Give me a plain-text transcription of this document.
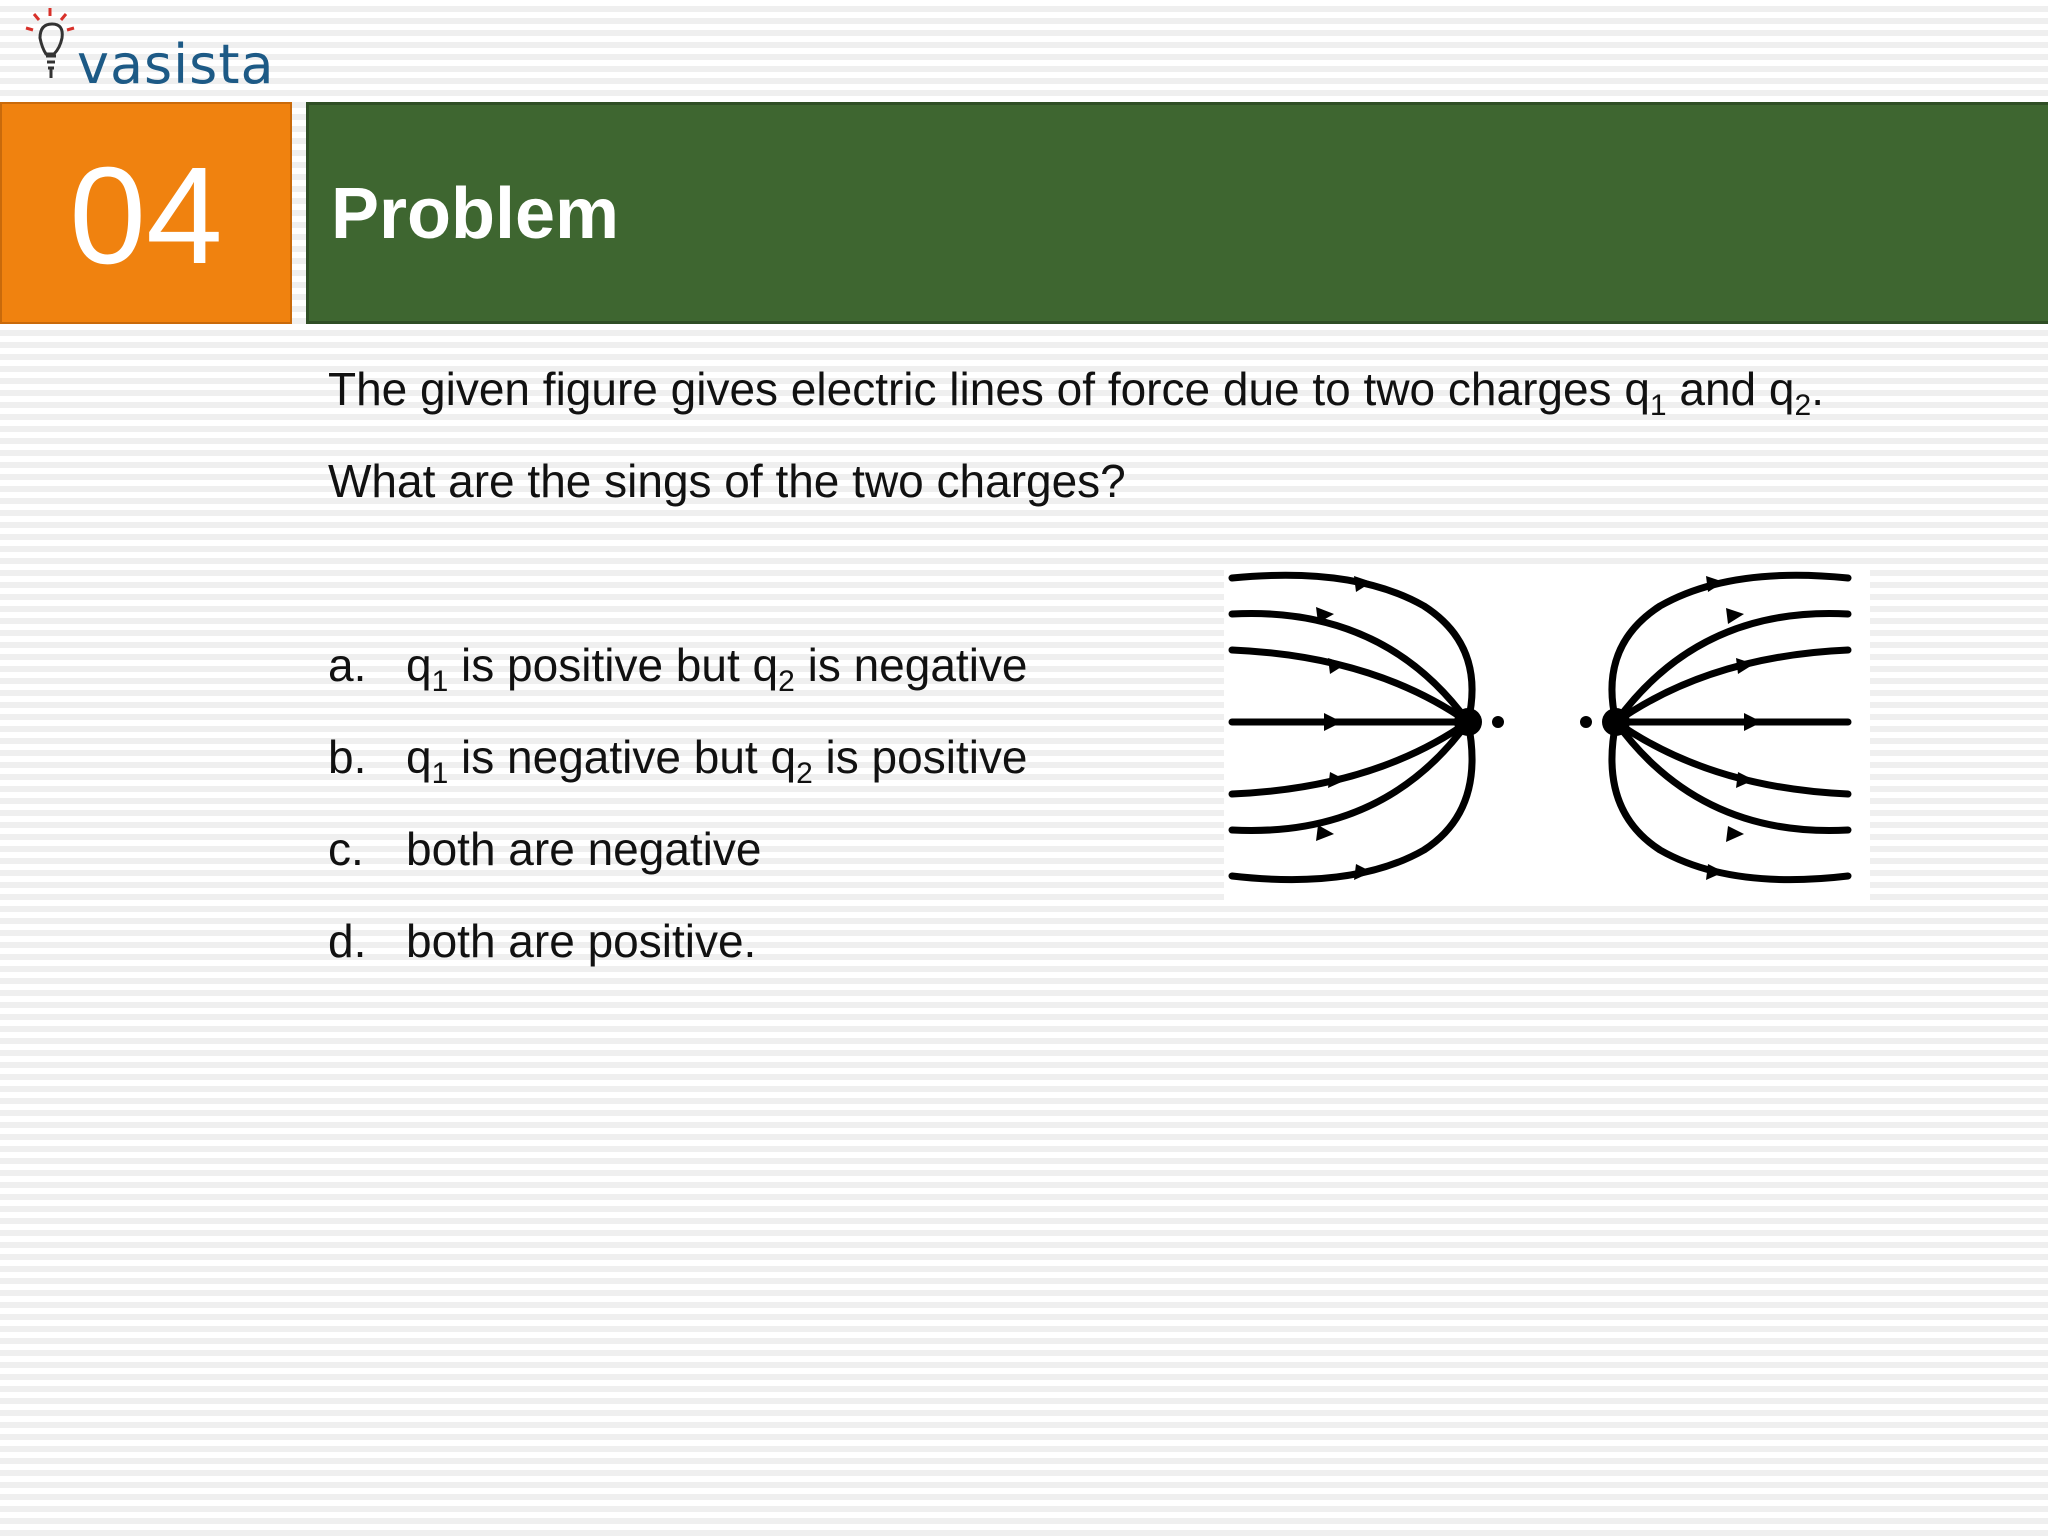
vasista
04 Problem
The given figure gives electric lines of force due to two charges $q_1$ and $q_2$.
What are the sings of the two charges?
a. $q_1$ is positive but $q_2$ is negative
b. $q_1$ is negative but $q_2$ is positive
c. both are negative
d. both are positive.
